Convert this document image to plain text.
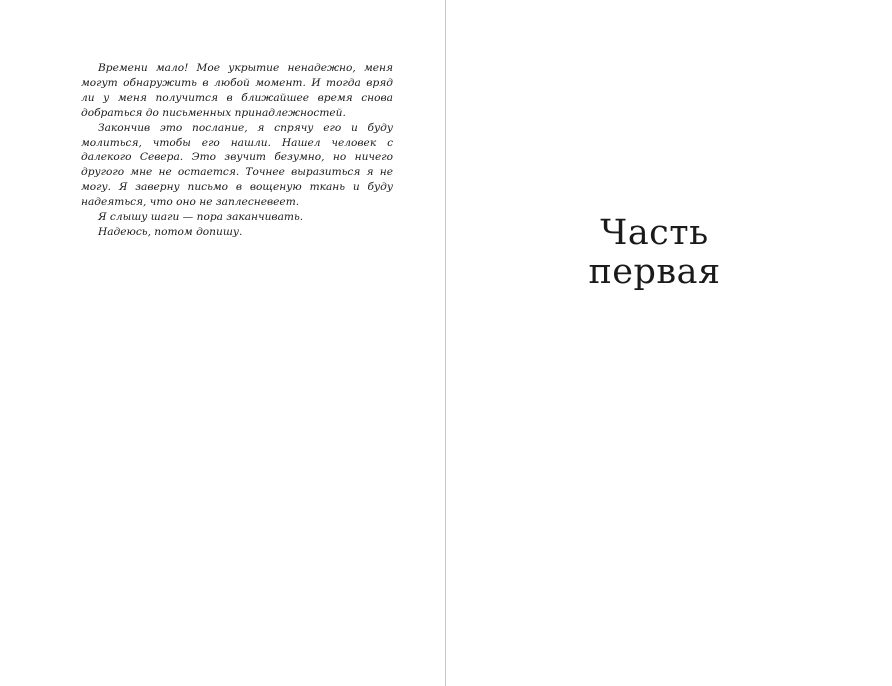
Времени мало! Мое укрытие ненадежно, меня могут обнаружить в любой момент. И тогда вряд ли у меня получится в ближайшее время снова добраться до письменных принадлежностей.

Закончив это послание, я спрячу его и буду молиться, чтобы его нашли. Нашел человек с далекого Севера. Это звучит безумно, но ничего другого мне не остается. Точнее выразиться я не могу. Я заверну письмо в вощеную ткань и буду надеяться, что оно не заплесневеет.

Я слышу шаги — пора заканчивать.

Надеюсь, потом допишу.	Часть
первая
